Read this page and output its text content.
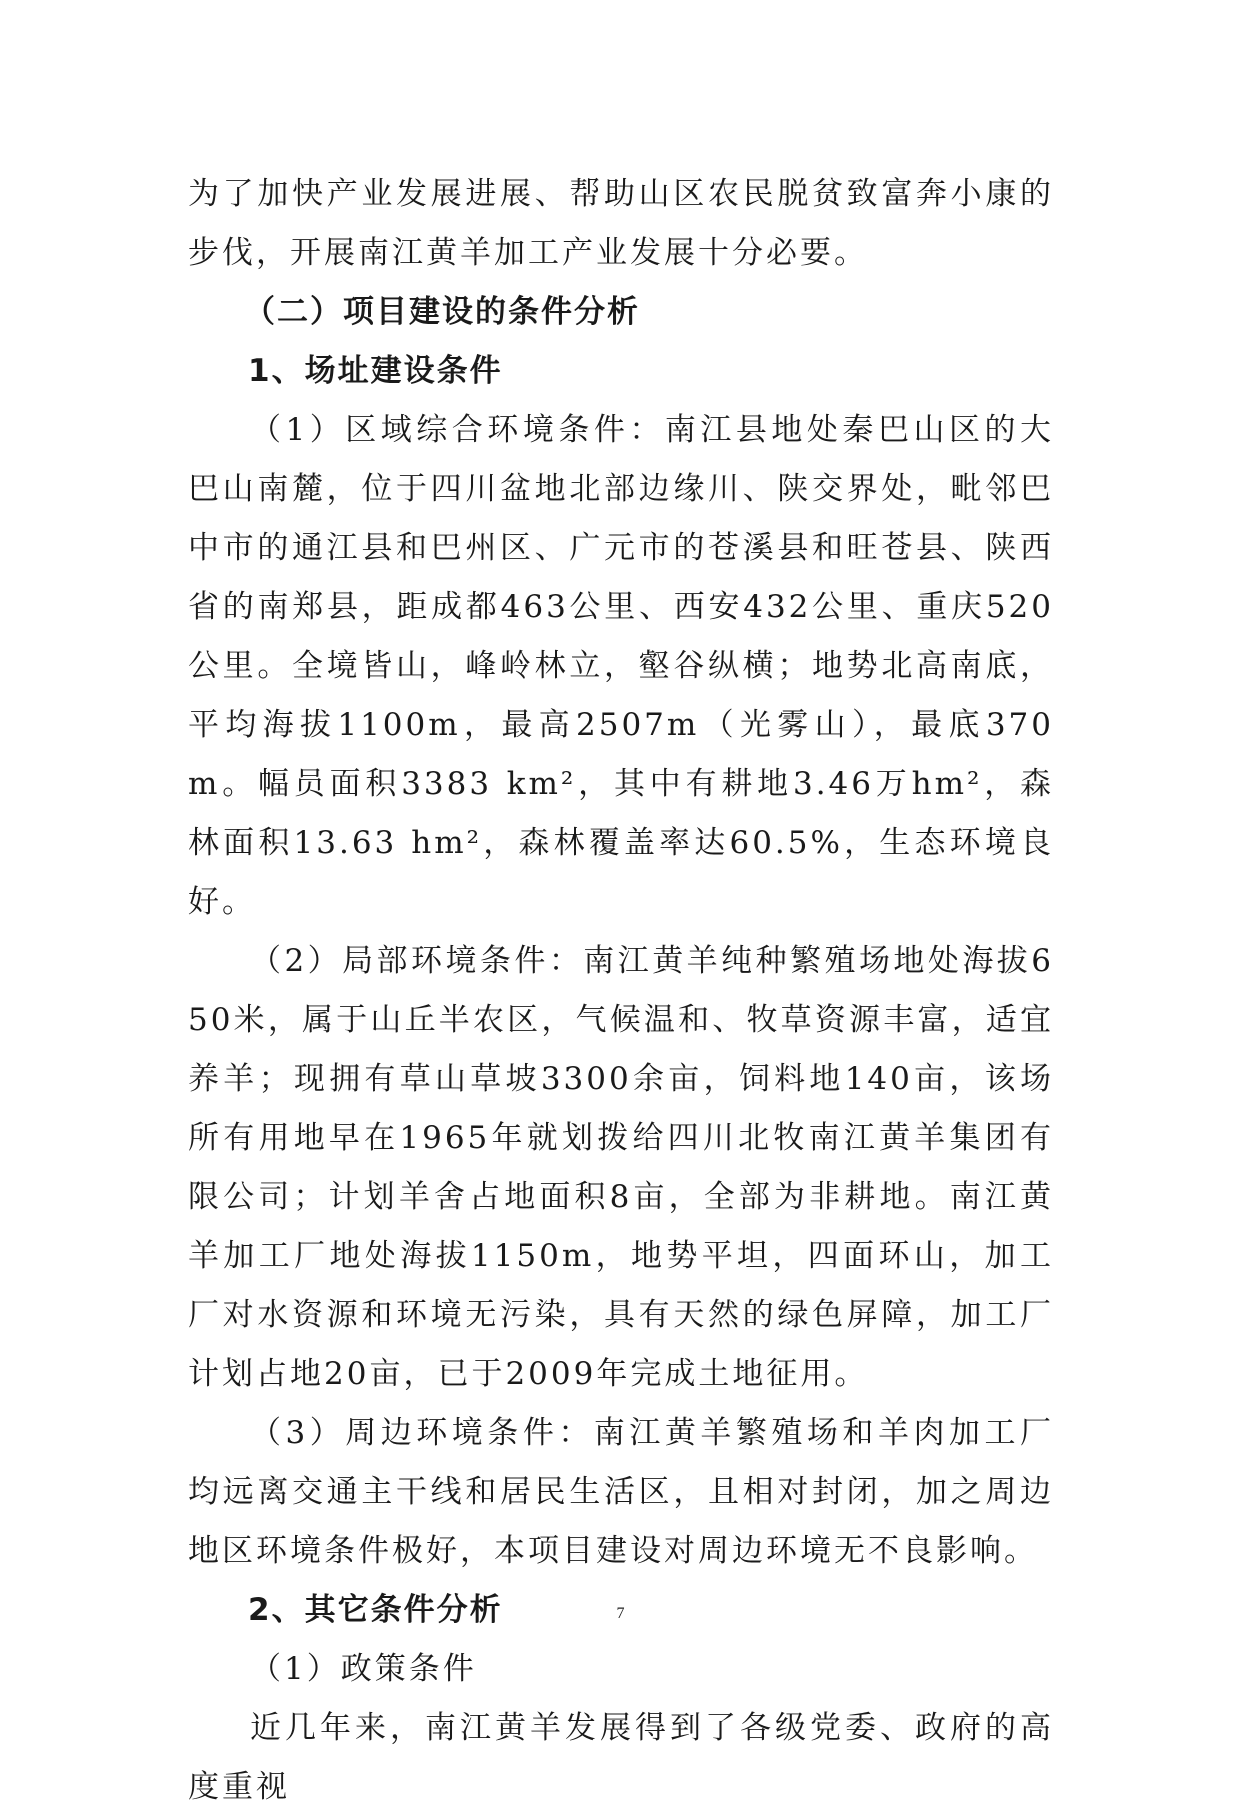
为了加快产业发展进展、帮助山区农民脱贫致富奔小康的步伐，开展南江黄羊加工产业发展十分必要。

（二）项目建设的条件分析

1、场址建设条件

（1）区域综合环境条件：南江县地处秦巴山区的大巴山南麓，位于四川盆地北部边缘川、陕交界处，毗邻巴中市的通江县和巴州区、广元市的苍溪县和旺苍县、陕西省的南郑县，距成都463公里、西安432公里、重庆520公里。全境皆山，峰岭林立，壑谷纵横；地势北高南底，平均海拔1100m，最高2507m（光雾山），最底370m。幅员面积3383 km²，其中有耕地3.46万hm²，森林面积13.63 hm²，森林覆盖率达60.5%，生态环境良好。

（2）局部环境条件：南江黄羊纯种繁殖场地处海拔650米，属于山丘半农区，气候温和、牧草资源丰富，适宜养羊；现拥有草山草坡3300余亩，饲料地140亩，该场所有用地早在1965年就划拨给四川北牧南江黄羊集团有限公司；计划羊舍占地面积8亩，全部为非耕地。南江黄羊加工厂地处海拔1150m，地势平坦，四面环山，加工厂对水资源和环境无污染，具有天然的绿色屏障，加工厂计划占地20亩，已于2009年完成土地征用。

（3）周边环境条件：南江黄羊繁殖场和羊肉加工厂均远离交通主干线和居民生活区，且相对封闭，加之周边地区环境条件极好，本项目建设对周边环境无不良影响。

2、其它条件分析

（1）政策条件

近几年来，南江黄羊发展得到了各级党委、政府的高度重视

7
